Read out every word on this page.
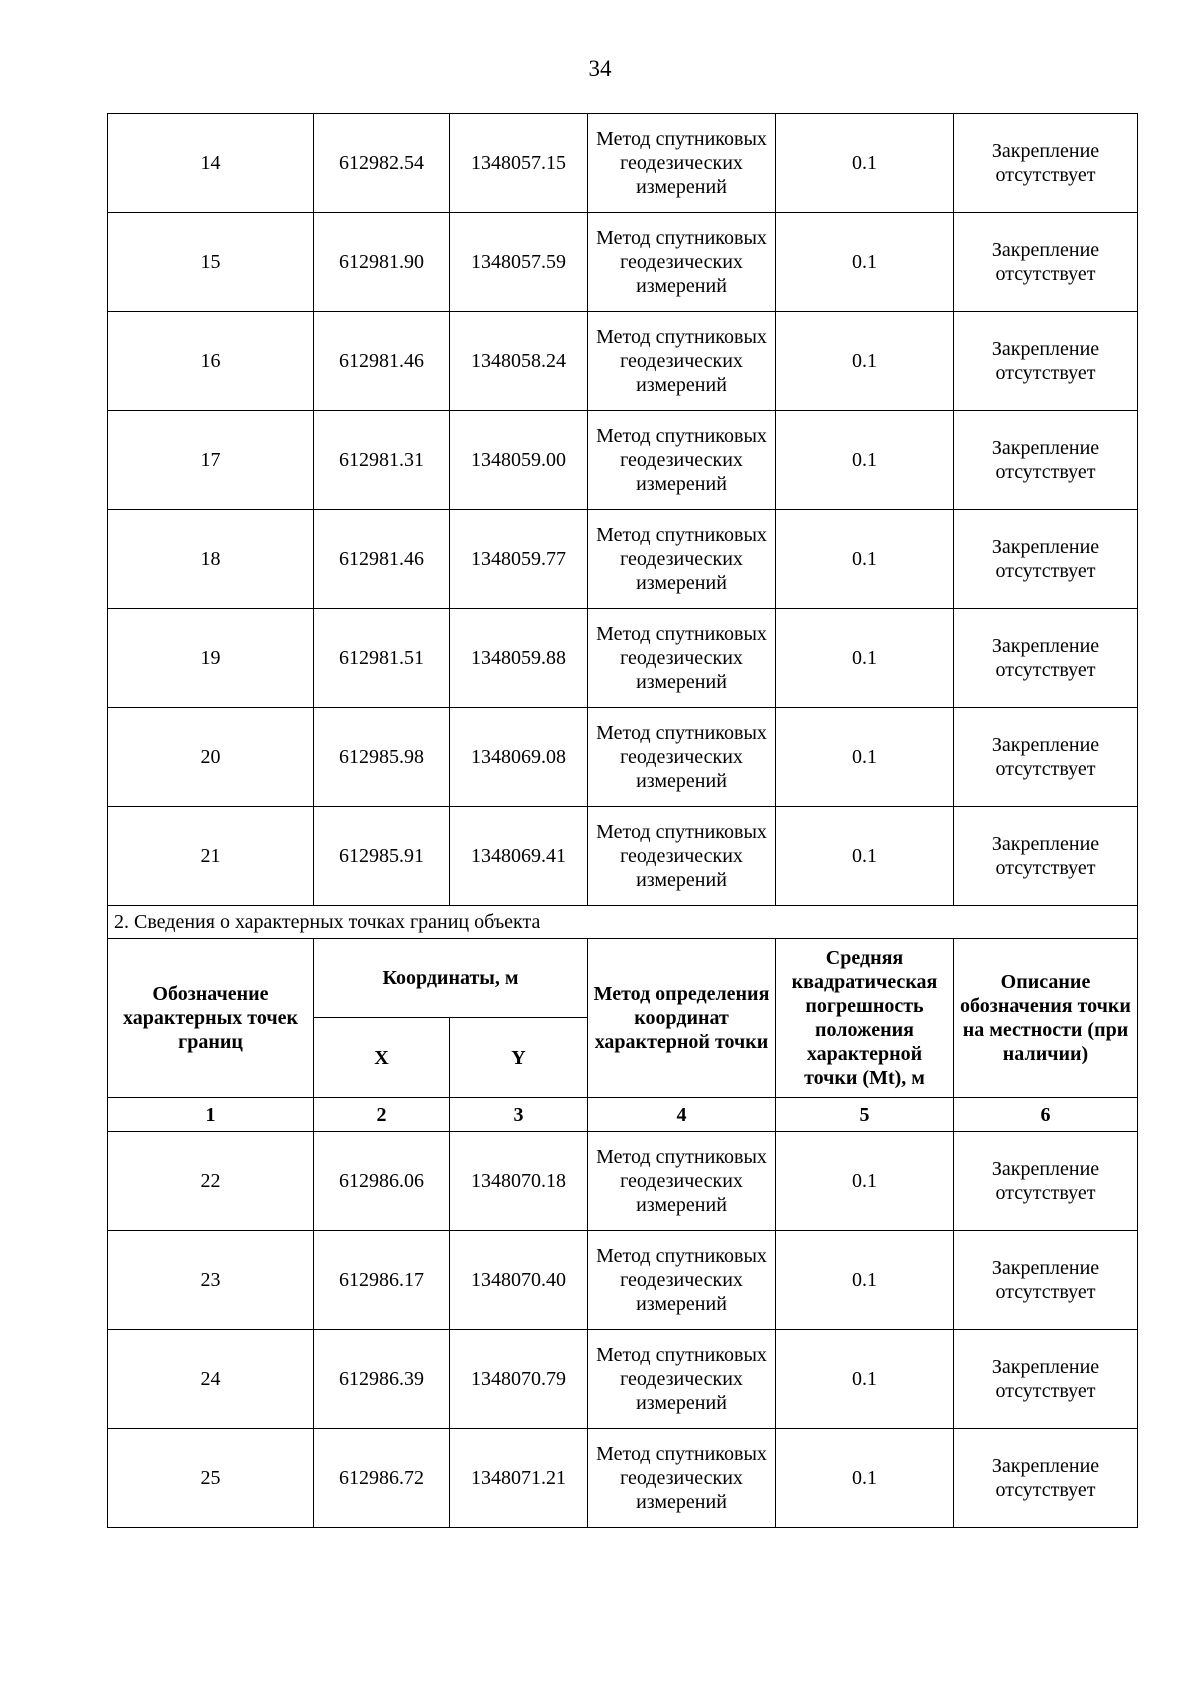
34
14	612982.54	1348057.15	Метод спутниковых геодезических измерений	0.1	Закрепление отсутствует
15	612981.90	1348057.59	Метод спутниковых геодезических измерений	0.1	Закрепление отсутствует
16	612981.46	1348058.24	Метод спутниковых геодезических измерений	0.1	Закрепление отсутствует
17	612981.31	1348059.00	Метод спутниковых геодезических измерений	0.1	Закрепление отсутствует
18	612981.46	1348059.77	Метод спутниковых геодезических измерений	0.1	Закрепление отсутствует
19	612981.51	1348059.88	Метод спутниковых геодезических измерений	0.1	Закрепление отсутствует
20	612985.98	1348069.08	Метод спутниковых геодезических измерений	0.1	Закрепление отсутствует
21	612985.91	1348069.41	Метод спутниковых геодезических измерений	0.1	Закрепление отсутствует
2. Сведения о характерных точках границ объекта					
Обозначение характерных точек границ	Координаты, м		Метод определения координат характерной точки	Средняя квадратическая погрешность положения характерной точки (Mt), м	Описание обозначения точки на местности (при наличии)
	X	Y			
1	2	3	4	5	6
22	612986.06	1348070.18	Метод спутниковых геодезических измерений	0.1	Закрепление отсутствует
23	612986.17	1348070.40	Метод спутниковых геодезических измерений	0.1	Закрепление отсутствует
24	612986.39	1348070.79	Метод спутниковых геодезических измерений	0.1	Закрепление отсутствует
25	612986.72	1348071.21	Метод спутниковых геодезических измерений	0.1	Закрепление отсутствует
